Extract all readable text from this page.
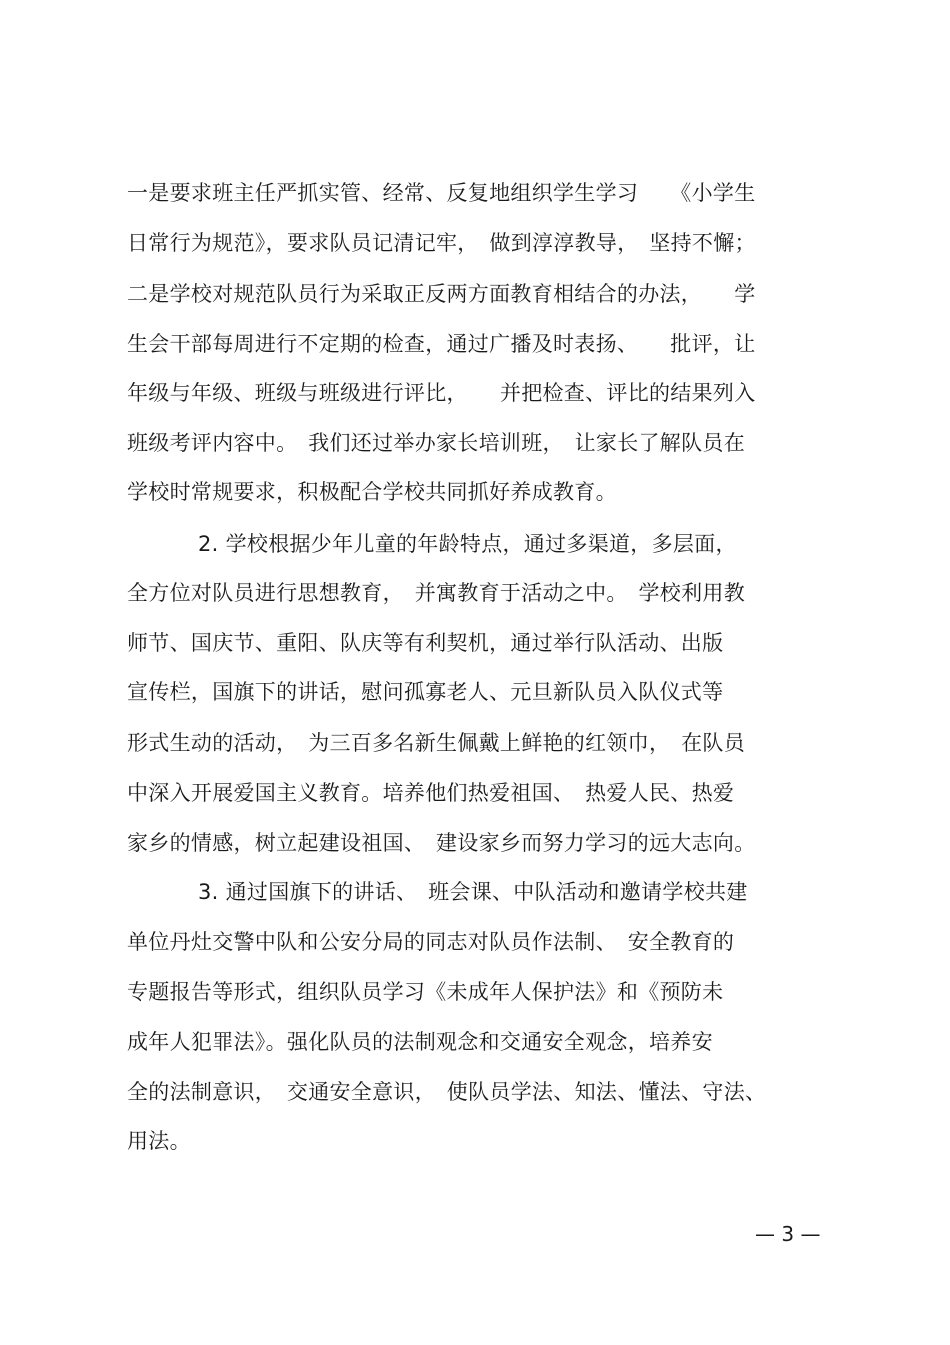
一是要求班主任严抓实管、经常、反复地组织学生学习　　《小学生
日常行为规范》，要求队员记清记牢，　做到淳淳教导，　坚持不懈；
二是学校对规范队员行为采取正反两方面教育相结合的办法，　　学
生会干部每周进行不定期的检查，通过广播及时表扬、　　批评，让
年级与年级、班级与班级进行评比，　　并把检查、评比的结果列入
班级考评内容中。　我们还过举办家长培训班，　让家长了解队员在
学校时常规要求，积极配合学校共同抓好养成教育。
2. 学校根据少年儿童的年龄特点，通过多渠道，多层面，
全方位对队员进行思想教育，　并寓教育于活动之中。　学校利用教
师节、国庆节、重阳、队庆等有利契机，通过举行队活动、出版
宣传栏，国旗下的讲话，慰问孤寡老人、元旦新队员入队仪式等
形式生动的活动，　为三百多名新生佩戴上鲜艳的红领巾，　在队员
中深入开展爱国主义教育。培养他们热爱祖国、　热爱人民、热爱
家乡的情感，树立起建设祖国、　建设家乡而努力学习的远大志向。
3. 通过国旗下的讲话、　班会课、中队活动和邀请学校共建
单位丹灶交警中队和公安分局的同志对队员作法制、　安全教育的
专题报告等形式，组织队员学习《未成年人保护法》和《预防未
成年人犯罪法》。强化队员的法制观念和交通安全观念，培养安
全的法制意识，　交通安全意识，　使队员学法、知法、懂法、守法、
用法。
— 3 —
